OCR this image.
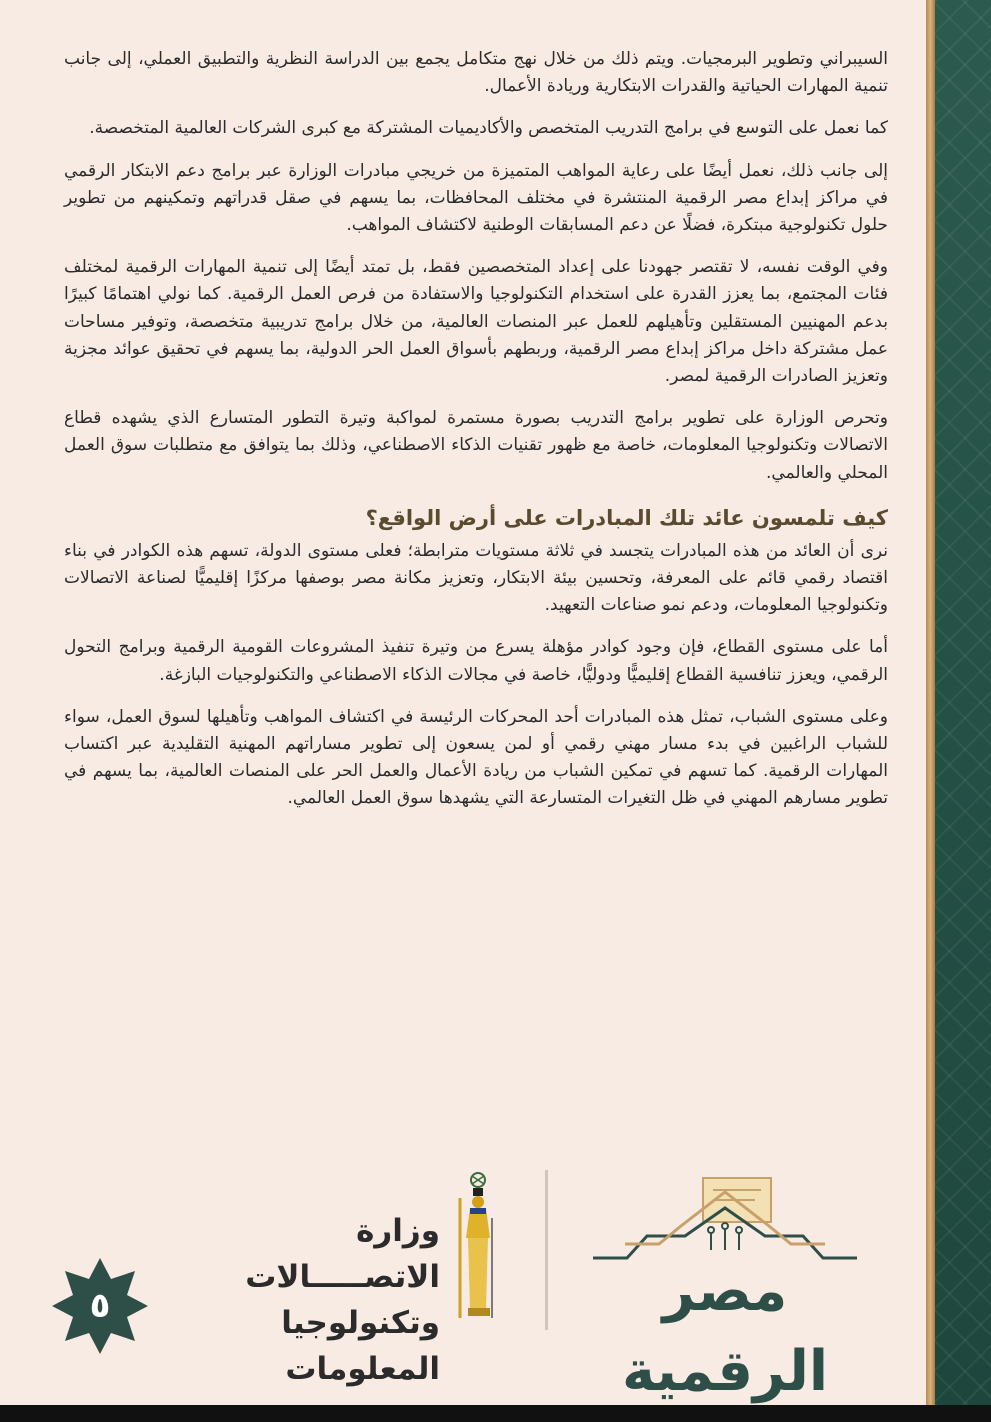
السيبراني وتطوير البرمجيات. ويتم ذلك من خلال نهج متكامل يجمع بين الدراسة النظرية والتطبيق العملي، إلى جانب تنمية المهارات الحياتية والقدرات الابتكارية وريادة الأعمال.

كما نعمل على التوسع في برامج التدريب المتخصص والأكاديميات المشتركة مع كبرى الشركات العالمية المتخصصة.

إلى جانب ذلك، نعمل أيضًا على رعاية المواهب المتميزة من خريجي مبادرات الوزارة عبر برامج دعم الابتكار الرقمي في مراكز إبداع مصر الرقمية المنتشرة في مختلف المحافظات، بما يسهم في صقل قدراتهم وتمكينهم من تطوير حلول تكنولوجية مبتكرة، فضلًا عن دعم المسابقات الوطنية لاكتشاف المواهب.

وفي الوقت نفسه، لا تقتصر جهودنا على إعداد المتخصصين فقط، بل تمتد أيضًا إلى تنمية المهارات الرقمية لمختلف فئات المجتمع، بما يعزز القدرة على استخدام التكنولوجيا والاستفادة من فرص العمل الرقمية. كما نولي اهتمامًا كبيرًا بدعم المهنيين المستقلين وتأهيلهم للعمل عبر المنصات العالمية، من خلال برامج تدريبية متخصصة، وتوفير مساحات عمل مشتركة داخل مراكز إبداع مصر الرقمية، وربطهم بأسواق العمل الحر الدولية، بما يسهم في تحقيق عوائد مجزية وتعزيز الصادرات الرقمية لمصر.

وتحرص الوزارة على تطوير برامج التدريب بصورة مستمرة لمواكبة وتيرة التطور المتسارع الذي يشهده قطاع الاتصالات وتكنولوجيا المعلومات، خاصة مع ظهور تقنيات الذكاء الاصطناعي، وذلك بما يتوافق مع متطلبات سوق العمل المحلي والعالمي.

كيف تلمسون عائد تلك المبادرات على أرض الواقع؟

نرى أن العائد من هذه المبادرات يتجسد في ثلاثة مستويات مترابطة؛ فعلى مستوى الدولة، تسهم هذه الكوادر في بناء اقتصاد رقمي قائم على المعرفة، وتحسين بيئة الابتكار، وتعزيز مكانة مصر بوصفها مركزًا إقليميًّا لصناعة الاتصالات وتكنولوجيا المعلومات، ودعم نمو صناعات التعهيد.

أما على مستوى القطاع، فإن وجود كوادر مؤهلة يسرع من وتيرة تنفيذ المشروعات القومية الرقمية وبرامج التحول الرقمي، ويعزز تنافسية القطاع إقليميًّا ودوليًّا، خاصة في مجالات الذكاء الاصطناعي والتكنولوجيات البازغة.

وعلى مستوى الشباب، تمثل هذه المبادرات أحد المحركات الرئيسة في اكتشاف المواهب وتأهيلها لسوق العمل، سواء للشباب الراغبين في بدء مسار مهني رقمي أو لمن يسعون إلى تطوير مساراتهم المهنية التقليدية عبر اكتساب المهارات الرقمية. كما تسهم في تمكين الشباب من ريادة الأعمال والعمل الحر على المنصات العالمية، بما يسهم في تطوير مسارهم المهني في ظل التغيرات المتسارعة التي يشهدها سوق العمل العالمي.

٥
وزارة الاتصـــــالات
وتكنولوجيا المعلومات
مصر الرقمية
